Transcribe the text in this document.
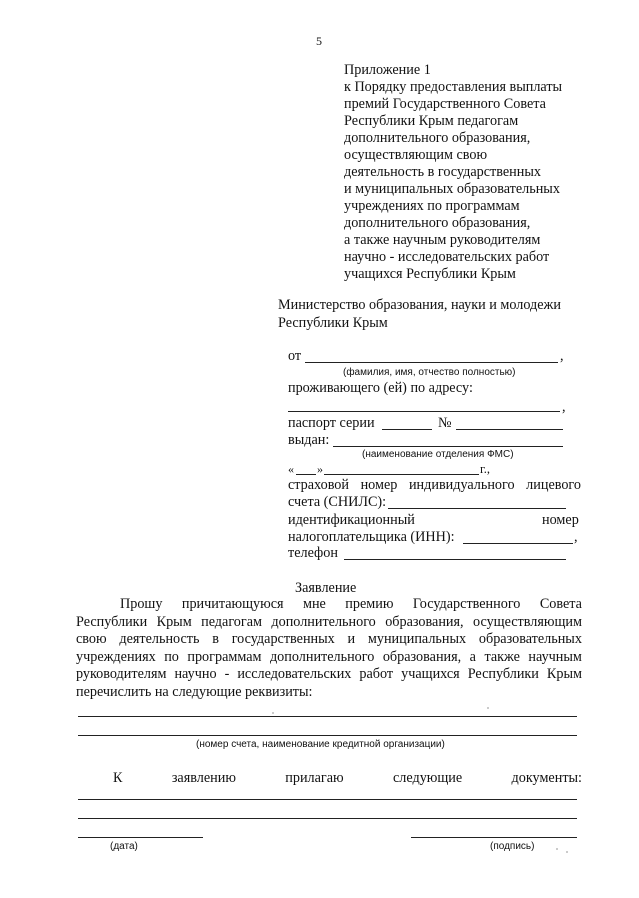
5
Приложение 1
к Порядку предоставления выплаты
премий Государственного Совета
Республики Крым педагогам
дополнительного образования,
осуществляющим свою
деятельность в государственных
и муниципальных образовательных
учреждениях по программам
дополнительного образования,
а также научным руководителям
научно - исследовательских работ
учащихся Республики Крым
Министерство образования, науки и молодежи
Республики Крым
от	,
(фамилия, имя, отчество полностью)
проживающего (ей) по адресу:
,
паспорт серии	№
выдан:
(наименование отделения ФМС)
« »	г.,
страховой номер индивидуального лицевого
счета (СНИЛС):
идентификационный	номер
налогоплательщика (ИНН):	,
телефон
Заявление
Прошу причитающуюся мне премию Государственного Совета
Республики Крым педагогам дополнительного образования, осуществляющим
свою деятельность в государственных и муниципальных образовательных
учреждениях по программам дополнительного образования, а также научным
руководителям научно - исследовательских работ учащихся Республики Крым
перечислить на следующие реквизиты:
(номер счета, наименование кредитной организации)
К	заявлению	прилагаю	следующие	документы:
(дата)	(подпись)
